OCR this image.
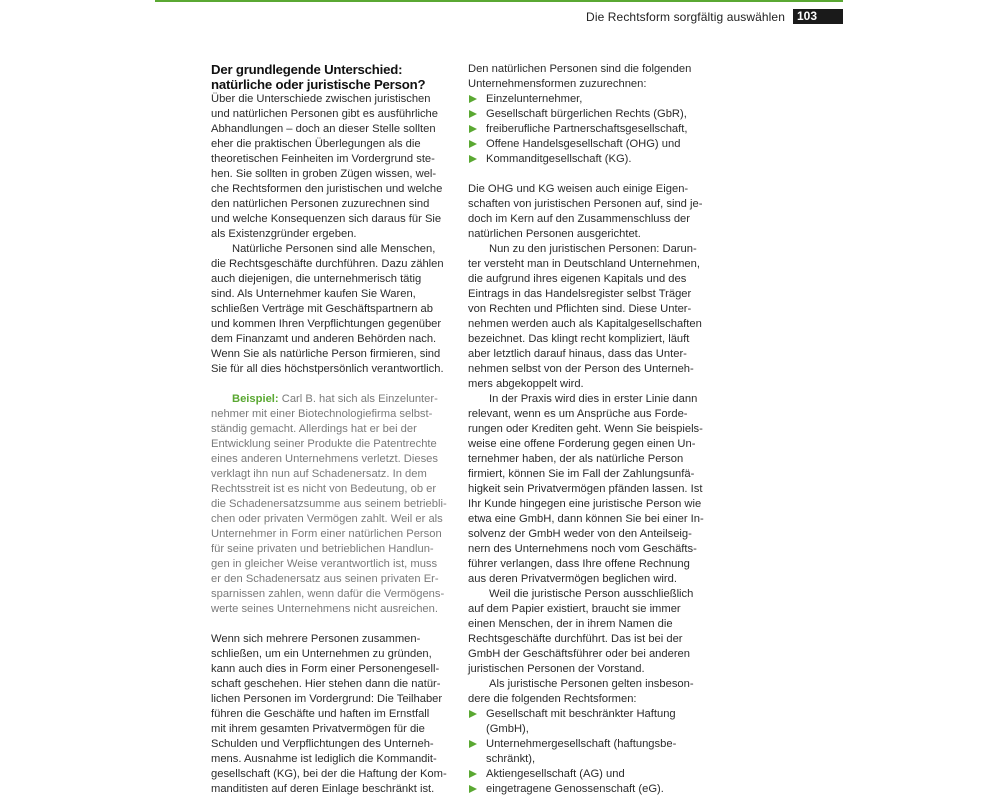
Die Rechtsform sorgfältig auswählen	103
Der grundlegende Unterschied:
natürliche oder juristische Person?

Über die Unterschiede zwischen juristischen
und natürlichen Personen gibt es ausführliche
Abhandlungen – doch an dieser Stelle sollten
eher die praktischen Überlegungen als die
theoretischen Feinheiten im Vordergrund ste-
hen. Sie sollten in groben Zügen wissen, wel-
che Rechtsformen den juristischen und welche
den natürlichen Personen zuzurechnen sind
und welche Konsequenzen sich daraus für Sie
als Existenzgründer ergeben.

Natürliche Personen sind alle Menschen,
die Rechtsgeschäfte durchführen. Dazu zählen
auch diejenigen, die unternehmerisch tätig
sind. Als Unternehmer kaufen Sie Waren,
schließen Verträge mit Geschäftspartnern ab
und kommen Ihren Verpflichtungen gegenüber
dem Finanzamt und anderen Behörden nach.
Wenn Sie als natürliche Person firmieren, sind
Sie für all dies höchstpersönlich verantwortlich.

Beispiel: Carl B. hat sich als Einzelunter-
nehmer mit einer Biotechnologiefirma selbst-
ständig gemacht. Allerdings hat er bei der
Entwicklung seiner Produkte die Patentrechte
eines anderen Unternehmens verletzt. Dieses
verklagt ihn nun auf Schadenersatz. In dem
Rechtsstreit ist es nicht von Bedeutung, ob er
die Schadenersatzsumme aus seinem betriebli-
chen oder privaten Vermögen zahlt. Weil er als
Unternehmer in Form einer natürlichen Person
für seine privaten und betrieblichen Handlun-
gen in gleicher Weise verantwortlich ist, muss
er den Schadenersatz aus seinen privaten Er-
sparnissen zahlen, wenn dafür die Vermögens-
werte seines Unternehmens nicht ausreichen.

Wenn sich mehrere Personen zusammen-
schließen, um ein Unternehmen zu gründen,
kann auch dies in Form einer Personengesell-
schaft geschehen. Hier stehen dann die natür-
lichen Personen im Vordergrund: Die Teilhaber
führen die Geschäfte und haften im Ernstfall
mit ihrem gesamten Privatvermögen für die
Schulden und Verpflichtungen des Unterneh-
mens. Ausnahme ist lediglich die Kommandit-
gesellschaft (KG), bei der die Haftung der Kom-
manditisten auf deren Einlage beschränkt ist.

Den natürlichen Personen sind die folgenden
Unternehmensformen zuzurechnen:

Einzelunternehmer,
Gesellschaft bürgerlichen Rechts (GbR),
freiberufliche Partnerschaftsgesellschaft,
Offene Handelsgesellschaft (OHG) und
Kommanditgesellschaft (KG).

Die OHG und KG weisen auch einige Eigen-
schaften von juristischen Personen auf, sind je-
doch im Kern auf den Zusammenschluss der
natürlichen Personen ausgerichtet.

Nun zu den juristischen Personen: Darun-
ter versteht man in Deutschland Unternehmen,
die aufgrund ihres eigenen Kapitals und des
Eintrags in das Handelsregister selbst Träger
von Rechten und Pflichten sind. Diese Unter-
nehmen werden auch als Kapitalgesellschaften
bezeichnet. Das klingt recht kompliziert, läuft
aber letztlich darauf hinaus, dass das Unter-
nehmen selbst von der Person des Unterneh-
mers abgekoppelt wird.

In der Praxis wird dies in erster Linie dann
relevant, wenn es um Ansprüche aus Forde-
rungen oder Krediten geht. Wenn Sie beispiels-
weise eine offene Forderung gegen einen Un-
ternehmer haben, der als natürliche Person
firmiert, können Sie im Fall der Zahlungsunfä-
higkeit sein Privatvermögen pfänden lassen. Ist
Ihr Kunde hingegen eine juristische Person wie
etwa eine GmbH, dann können Sie bei einer In-
solvenz der GmbH weder von den Anteilseig-
nern des Unternehmens noch vom Geschäfts-
führer verlangen, dass Ihre offene Rechnung
aus deren Privatvermögen beglichen wird.

Weil die juristische Person ausschließlich
auf dem Papier existiert, braucht sie immer
einen Menschen, der in ihrem Namen die
Rechtsgeschäfte durchführt. Das ist bei der
GmbH der Geschäftsführer oder bei anderen
juristischen Personen der Vorstand.

Als juristische Personen gelten insbeson-
dere die folgenden Rechtsformen:

Gesellschaft mit beschränkter Haftung
(GmbH),
Unternehmergesellschaft (haftungsbe-
schränkt),
Aktiengesellschaft (AG) und
eingetragene Genossenschaft (eG).
